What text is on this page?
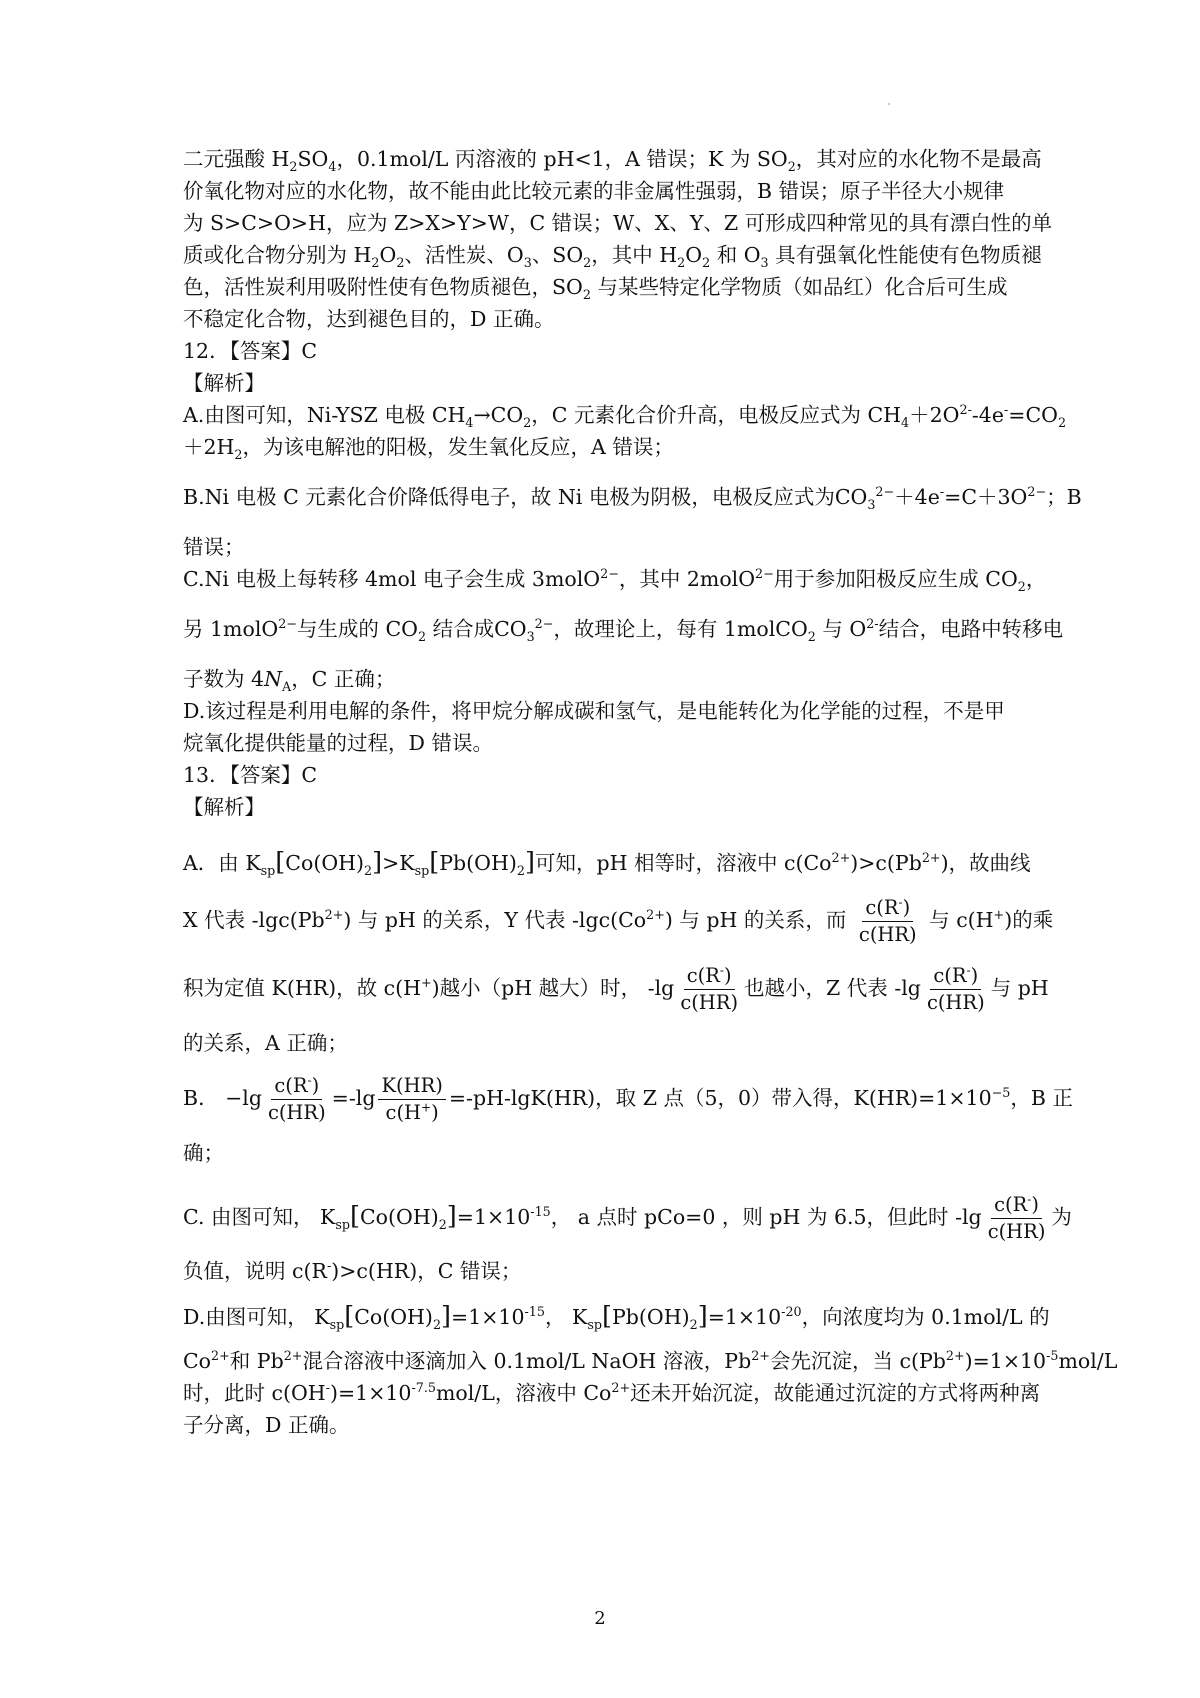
二元强酸 $H_2SO_4$，0.1mol/L 丙溶液的 pH<1，A 错误；K 为 $SO_2$，其对应的水化物不是最高
价氧化物对应的水化物，故不能由此比较元素的非金属性强弱，B 错误；原子半径大小规律
为 S>C>O>H，应为 Z>X>Y>W，C 错误；W、X、Y、Z 可形成四种常见的具有漂白性的单
质或化合物分别为 $H_2O_2$、活性炭、$O_3$、$SO_2$，其中 $H_2O_2$ 和 $O_3$ 具有强氧化性能使有色物质褪
色，活性炭利用吸附性使有色物质褪色，$SO_2$ 与某些特定化学物质（如品红）化合后可生成
不稳定化合物，达到褪色目的，D 正确。
12．【答案】C
【解析】
A.由图可知，Ni-YSZ 电极 $CH_4\to CO_2$，C 元素化合价升高，电极反应式为 $CH_4+2O^{2-}-4e^-=CO_2$
$+2H_2$，为该电解池的阳极，发生氧化反应，A 错误；
B.Ni 电极 C 元素化合价降低得电子，故 Ni 电极为阴极，电极反应式为$CO_3^{2-}+4e^-=C+3O^{2-}$；B
错误；
C.Ni 电极上每转移 4mol 电子会生成 3molO$^{2-}$，其中 2molO$^{2-}$用于参加阳极反应生成 $CO_2$，
另 1molO$^{2-}$与生成的 $CO_2$ 结合成$CO_3^{2-}$，故理论上，每有 1molCO$_2$ 与 $O^{2-}$结合，电路中转移电
子数为 $4N_A$，C 正确；
D.该过程是利用电解的条件，将甲烷分解成碳和氢气，是电能转化为化学能的过程，不是甲
烷氧化提供能量的过程，D 错误。
13．【答案】C
【解析】
A．由 $K_{sp}[Co(OH)_2]>K_{sp}[Pb(OH)_2]$可知，pH 相等时，溶液中 $c(Co^{2+})>c(Pb^{2+})$，故曲线
X 代表 $-\lg c(Pb^{2+})$ 与 pH 的关系，Y 代表 $-\lg c(Co^{2+})$ 与 pH 的关系，而 $\frac{c(R^-)}{c(HR)}$ 与 c(H+)的乘
积为定值 K(HR)，故 c(H+)越小（pH 越大）时， $-\lg \frac{c(R^-)}{c(HR)}$ 也越小，Z 代表 $-\lg \frac{c(R^-)}{c(HR)}$ 与 pH
的关系，A 正确；
B． $-\lg \frac{c(R^-)}{c(HR)} =-\lg \frac{K(HR)}{c(H^+)} =-pH-\lg K(HR)$，取 Z 点（5，0）带入得，$K(HR)=1\times 10^{-5}$，B 正
确；
C. 由图可知， $K_{sp}[Co(OH)_2]=1\times 10^{-15}$， a 点时 pCo=0 ，则 pH 为 6.5，但此时 $-\lg \frac{c(R^-)}{c(HR)}$ 为
负值，说明 c(R-)>c(HR)，C 错误；
D.由图可知， $K_{sp}[Co(OH)_2]=1\times 10^{-15}$， $K_{sp}[Pb(OH)_2]=1\times 10^{-20}$，向浓度均为 0.1mol/L 的
$Co^{2+}$和 $Pb^{2+}$混合溶液中逐滴加入 0.1mol/L NaOH 溶液，$Pb^{2+}$会先沉淀，当 $c(Pb^{2+})=1\times 10^{-5}mol/L$
时，此时 $c(OH^-)=1\times 10^{-7.5}mol/L$，溶液中 $Co^{2+}$还未开始沉淀，故能通过沉淀的方式将两种离
子分离，D 正确。
2
